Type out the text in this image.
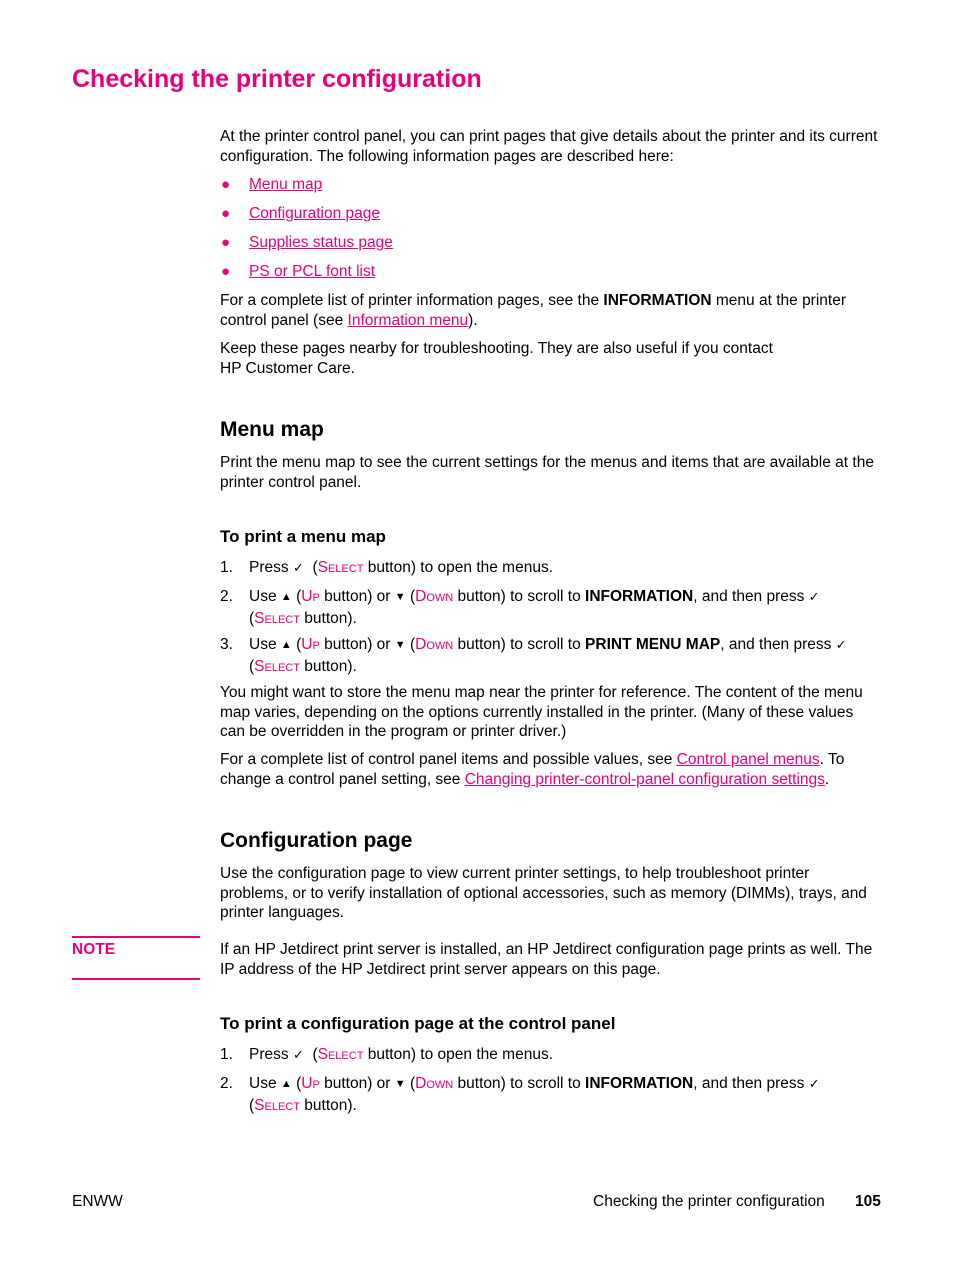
Checking the printer configuration

At the printer control panel, you can print pages that give details about the printer and its current configuration. The following information pages are described here:

● Menu map
● Configuration page
● Supplies status page
● PS or PCL font list

For a complete list of printer information pages, see the INFORMATION menu at the printer control panel (see Information menu).

Keep these pages nearby for troubleshooting. They are also useful if you contact
HP Customer Care.

Menu map

Print the menu map to see the current settings for the menus and items that are available at the printer control panel.

To print a menu map
1. Press ✓  (SELECT button) to open the menus.
2. Use ▲ (UP button) or ▼ (DOWN button) to scroll to INFORMATION, and then press ✓
(SELECT button).
3. Use ▲ (UP button) or ▼ (DOWN button) to scroll to PRINT MENU MAP, and then press ✓
(SELECT button).

You might want to store the menu map near the printer for reference. The content of the menu map varies, depending on the options currently installed in the printer. (Many of these values can be overridden in the program or printer driver.)

For a complete list of control panel items and possible values, see Control panel menus. To change a control panel setting, see Changing printer-control-panel configuration settings.

Configuration page

Use the configuration page to view current printer settings, to help troubleshoot printer problems, or to verify installation of optional accessories, such as memory (DIMMs), trays, and printer languages.

NOTE	If an HP Jetdirect print server is installed, an HP Jetdirect configuration page prints as well. The IP address of the HP Jetdirect print server appears on this page.

To print a configuration page at the control panel
1. Press ✓  (SELECT button) to open the menus.
2. Use ▲ (UP button) or ▼ (DOWN button) to scroll to INFORMATION, and then press ✓
(SELECT button).
ENWW	Checking the printer configuration 105
